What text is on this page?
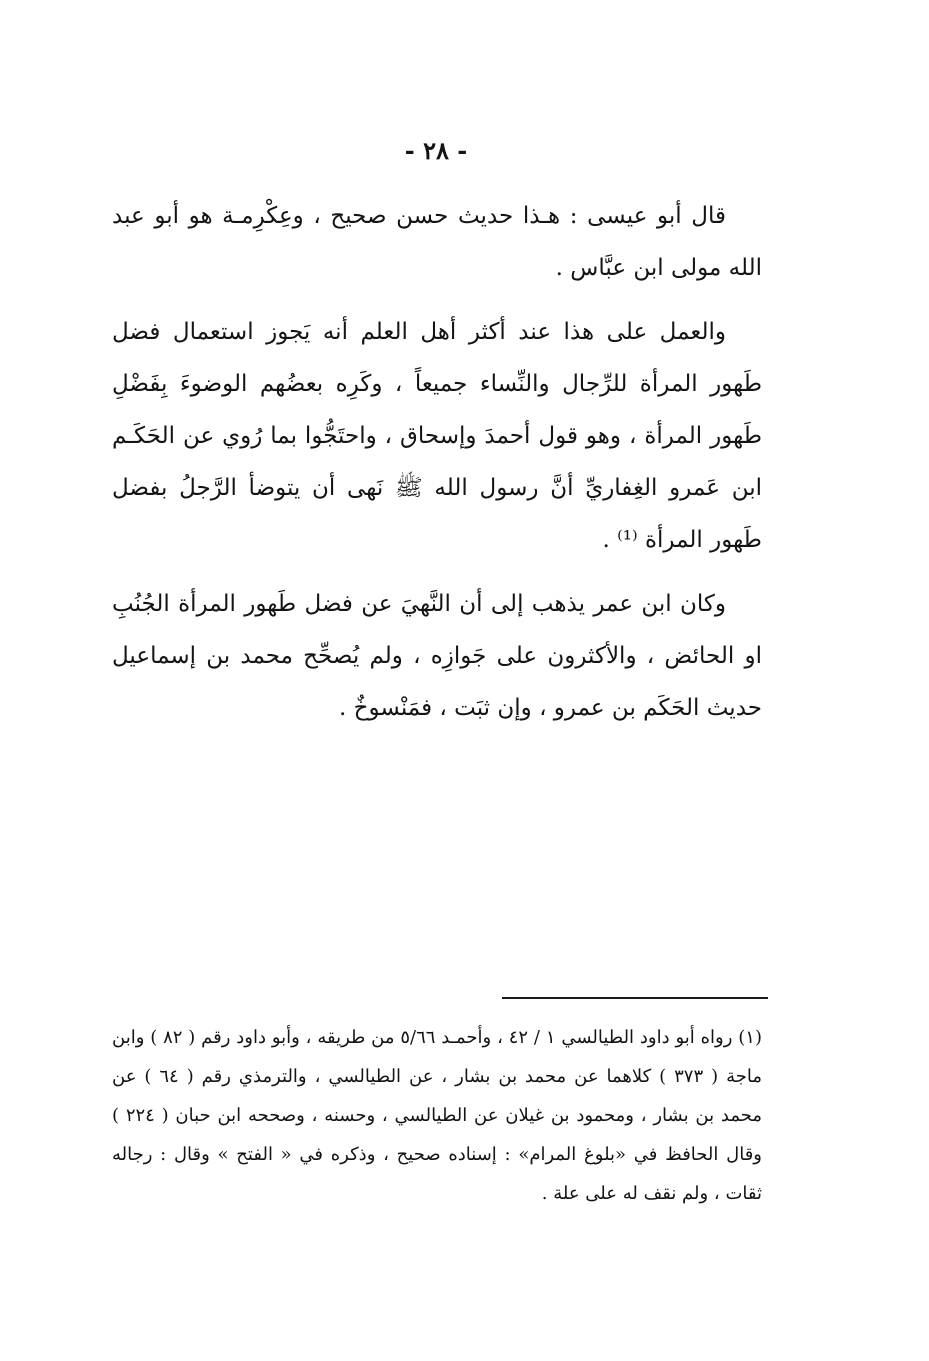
- ٢٨ -

قال أبو عيسى : هـذا حديث حسن صحيح ، وعِكْرِمـة هو أبو عبد الله مولى ابن عبَّاس .

والعمل على هذا عند أكثر أهل العلم أنه يَجوز استعمال فضل طَهور المرأة للرِّجال والنِّساء جميعاً ، وكَرِه بعضُهم الوضوءَ بِفَضْلِ طَهور المرأة ، وهو قول أحمدَ وإسحاق ، واحتَجُّوا بما رُوي عن الحَكَـم ابن عَمرو الغِفاريِّ أنَّ رسول الله ﷺ نَهى أن يتوضأ الرَّجلُ بفضل طَهور المرأة ⁽¹⁾ .

وكان ابن عمر يذهب إلى أن النَّهيَ عن فضل طَهور المرأة الجُنُبِ او الحائض ، والأكثرون على جَوازِه ، ولم يُصحِّح محمد بن إسماعيل حديث الحَكَم بن عمرو ، وإن ثبَت ، فمَنْسوخٌ .

(١) رواه أبو داود الطيالسي ١ / ٤٢ ، وأحمـد ٥/٦٦ من طريقه ، وأبو داود رقم ( ٨٢ ) وابن ماجة ( ٣٧٣ ) كلاهما عن محمد بن بشار ، عن الطيالسي ، والترمذي رقم ( ٦٤ ) عن محمد بن بشار ، ومحمود بن غيلان عن الطيالسي ، وحسنه ، وصححه ابن حبان ( ٢٢٤ ) وقال الحافظ في «بلوغ المرام» : إسناده صحيح ، وذكره في « الفتح » وقال : رجاله ثقات ، ولم نقف له على علة .
